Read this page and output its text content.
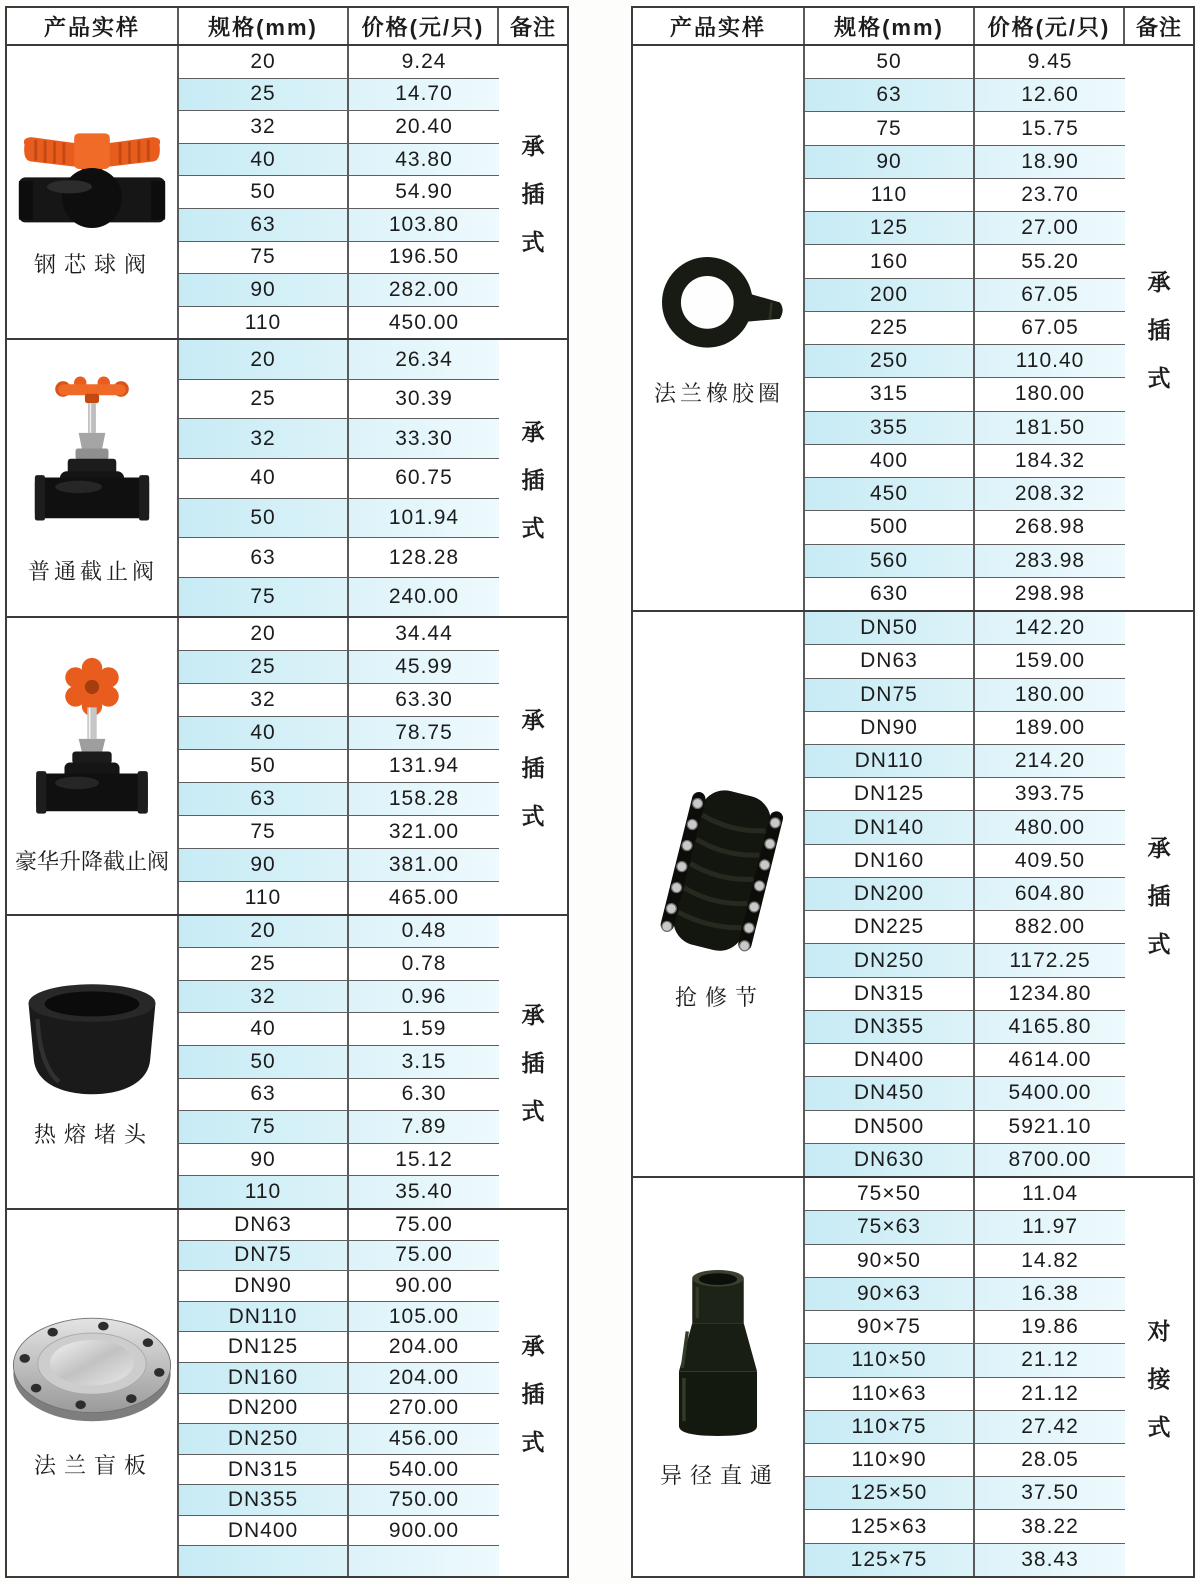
产品实样	规格(mm)	价格(元/只)	备注
钢芯球阀
20	9.24
25	14.70
32	20.40
40	43.80
50	54.90
63	103.80
75	196.50
90	282.00
110	450.00
承
插
式
普通截止阀
20	26.34
25	30.39
32	33.30
40	60.75
50	101.94
63	128.28
75	240.00
承
插
式
豪华升降截止阀
20	34.44
25	45.99
32	63.30
40	78.75
50	131.94
63	158.28
75	321.00
90	381.00
110	465.00
承
插
式
热熔堵头
20	0.48
25	0.78
32	0.96
40	1.59
50	3.15
63	6.30
75	7.89
90	15.12
110	35.40
承
插
式
法兰盲板
DN63	75.00
DN75	75.00
DN90	90.00
DN110	105.00
DN125	204.00
DN160	204.00
DN200	270.00
DN250	456.00
DN315	540.00
DN355	750.00
DN400	900.00
承
插
式
产品实样	规格(mm)	价格(元/只)	备注
法兰橡胶圈
50	9.45
63	12.60
75	15.75
90	18.90
110	23.70
125	27.00
160	55.20
200	67.05
225	67.05
250	110.40
315	180.00
355	181.50
400	184.32
450	208.32
500	268.98
560	283.98
630	298.98
承
插
式
抢修节
DN50	142.20
DN63	159.00
DN75	180.00
DN90	189.00
DN110	214.20
DN125	393.75
DN140	480.00
DN160	409.50
DN200	604.80
DN225	882.00
DN250	1172.25
DN315	1234.80
DN355	4165.80
DN400	4614.00
DN450	5400.00
DN500	5921.10
DN630	8700.00
承
插
式
异径直通
75×50	11.04
75×63	11.97
90×50	14.82
90×63	16.38
90×75	19.86
110×50	21.12
110×63	21.12
110×75	27.42
110×90	28.05
125×50	37.50
125×63	38.22
125×75	38.43
对
接
式
